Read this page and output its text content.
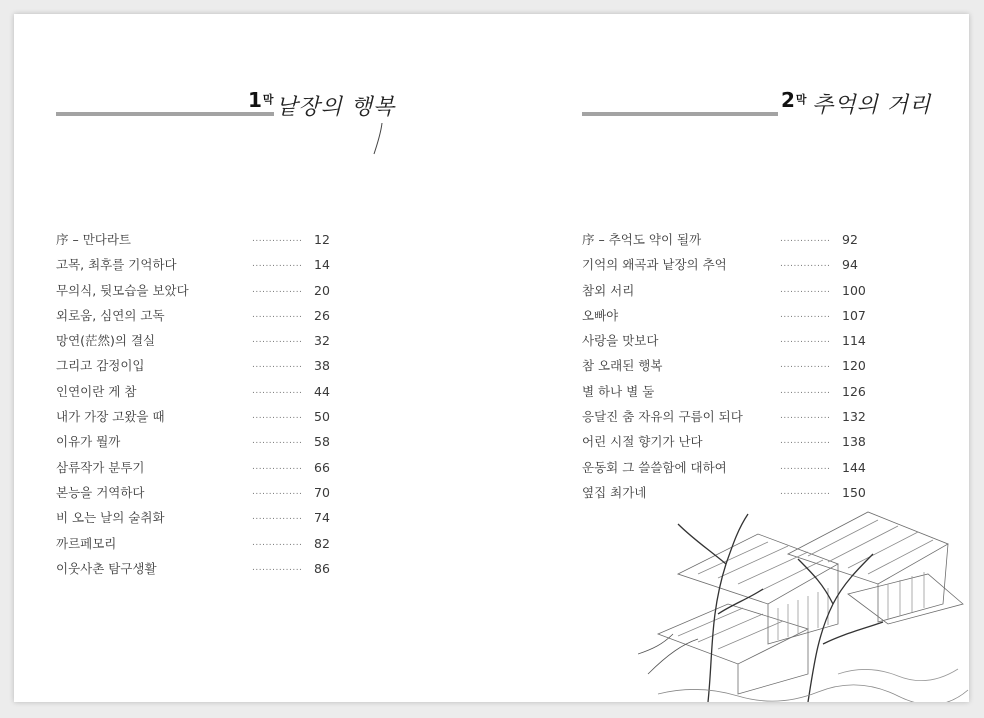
$1^막$ 낱장의 행복	$2^막$ 추억의 거리
序 – 만다라트	............... 12
고목, 최후를 기억하다	............... 14
무의식, 뒷모습을 보았다	............... 20
외로움, 심연의 고독	............... 26
망연(茫然)의 결실	............... 32
그리고 감정이입	............... 38
인연이란 게 참	............... 44
내가 가장 고왔을 때	............... 50
이유가 뭘까	............... 58
삼류작가 분투기	............... 66
본능을 거역하다	............... 70
비 오는 날의 술취화	............... 74
까르페모리	............... 82
이웃사촌 탐구생활	............... 86
序 – 추억도 약이 될까	............... 92
기억의 왜곡과 낱장의 추억	............... 94
참외 서리	............... 100
오빠야	............... 107
사랑을 맛보다	............... 114
참 오래된 행복	............... 120
별 하나 별 둘	............... 126
응달진 춤 자유의 구름이 되다	............... 132
어린 시절 향기가 난다	............... 138
운동회 그 쓸쓸함에 대하여	............... 144
옆집 최가네	............... 150
